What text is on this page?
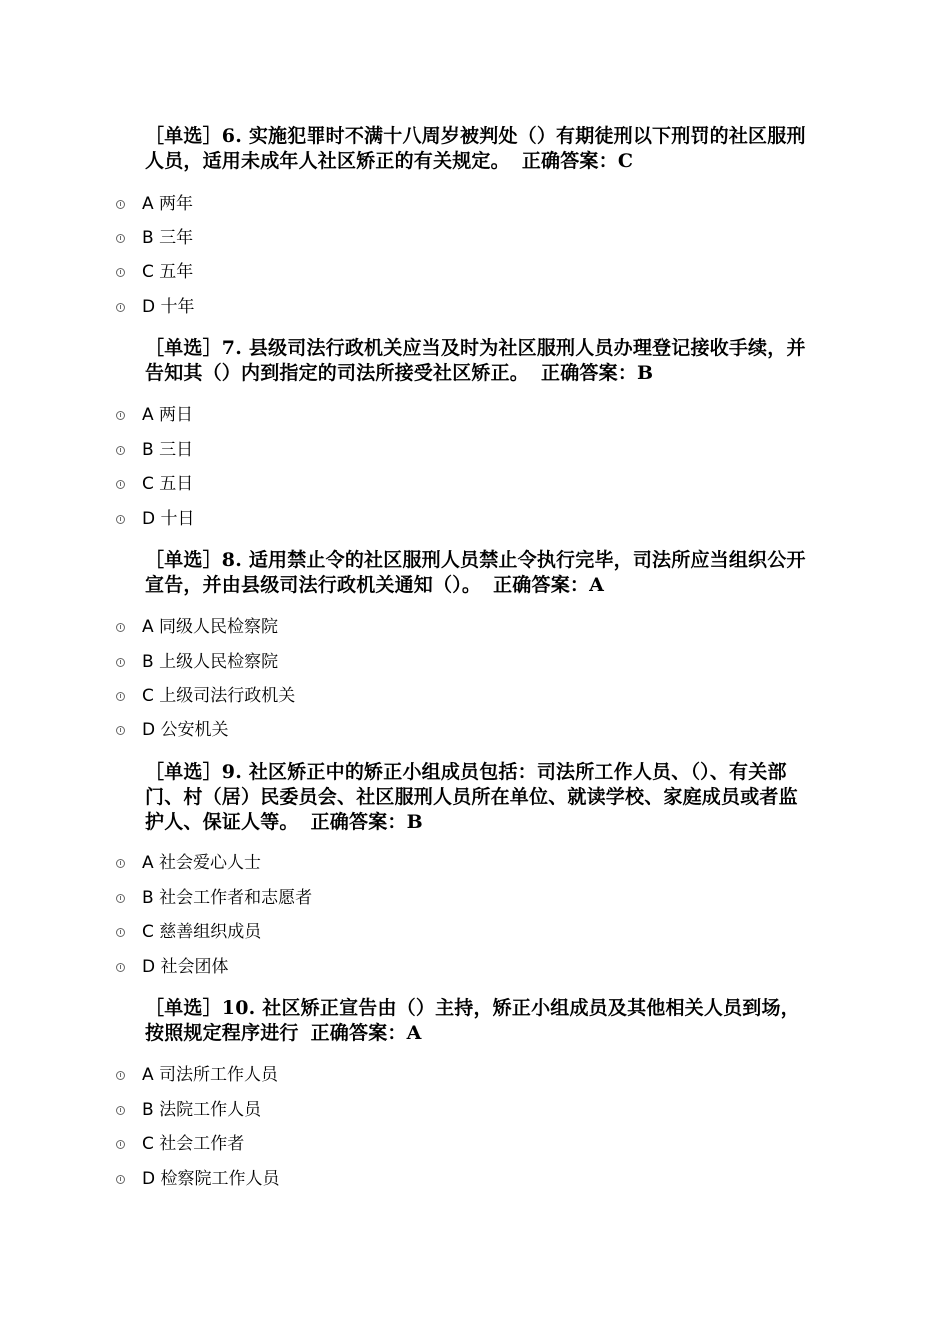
［单选］6. 实施犯罪时不满十八周岁被判处（）有期徒刑以下刑罚的社区服刑人员，适用未成年人社区矫正的有关规定。 正确答案：C
A 两年
B 三年
C 五年
D 十年
［单选］7. 县级司法行政机关应当及时为社区服刑人员办理登记接收手续，并告知其（）内到指定的司法所接受社区矫正。 正确答案：B
A 两日
B 三日
C 五日
D 十日
［单选］8. 适用禁止令的社区服刑人员禁止令执行完毕，司法所应当组织公开宣告，并由县级司法行政机关通知（）。 正确答案：A
A 同级人民检察院
B 上级人民检察院
C 上级司法行政机关
D 公安机关
［单选］9. 社区矫正中的矫正小组成员包括：司法所工作人员、（）、有关部门、村（居）民委员会、社区服刑人员所在单位、就读学校、家庭成员或者监护人、保证人等。 正确答案：B
A 社会爱心人士
B 社会工作者和志愿者
C 慈善组织成员
D 社会团体
［单选］10. 社区矫正宣告由（）主持，矫正小组成员及其他相关人员到场，按照规定程序进行 正确答案：A
A 司法所工作人员
B 法院工作人员
C 社会工作者
D 检察院工作人员
